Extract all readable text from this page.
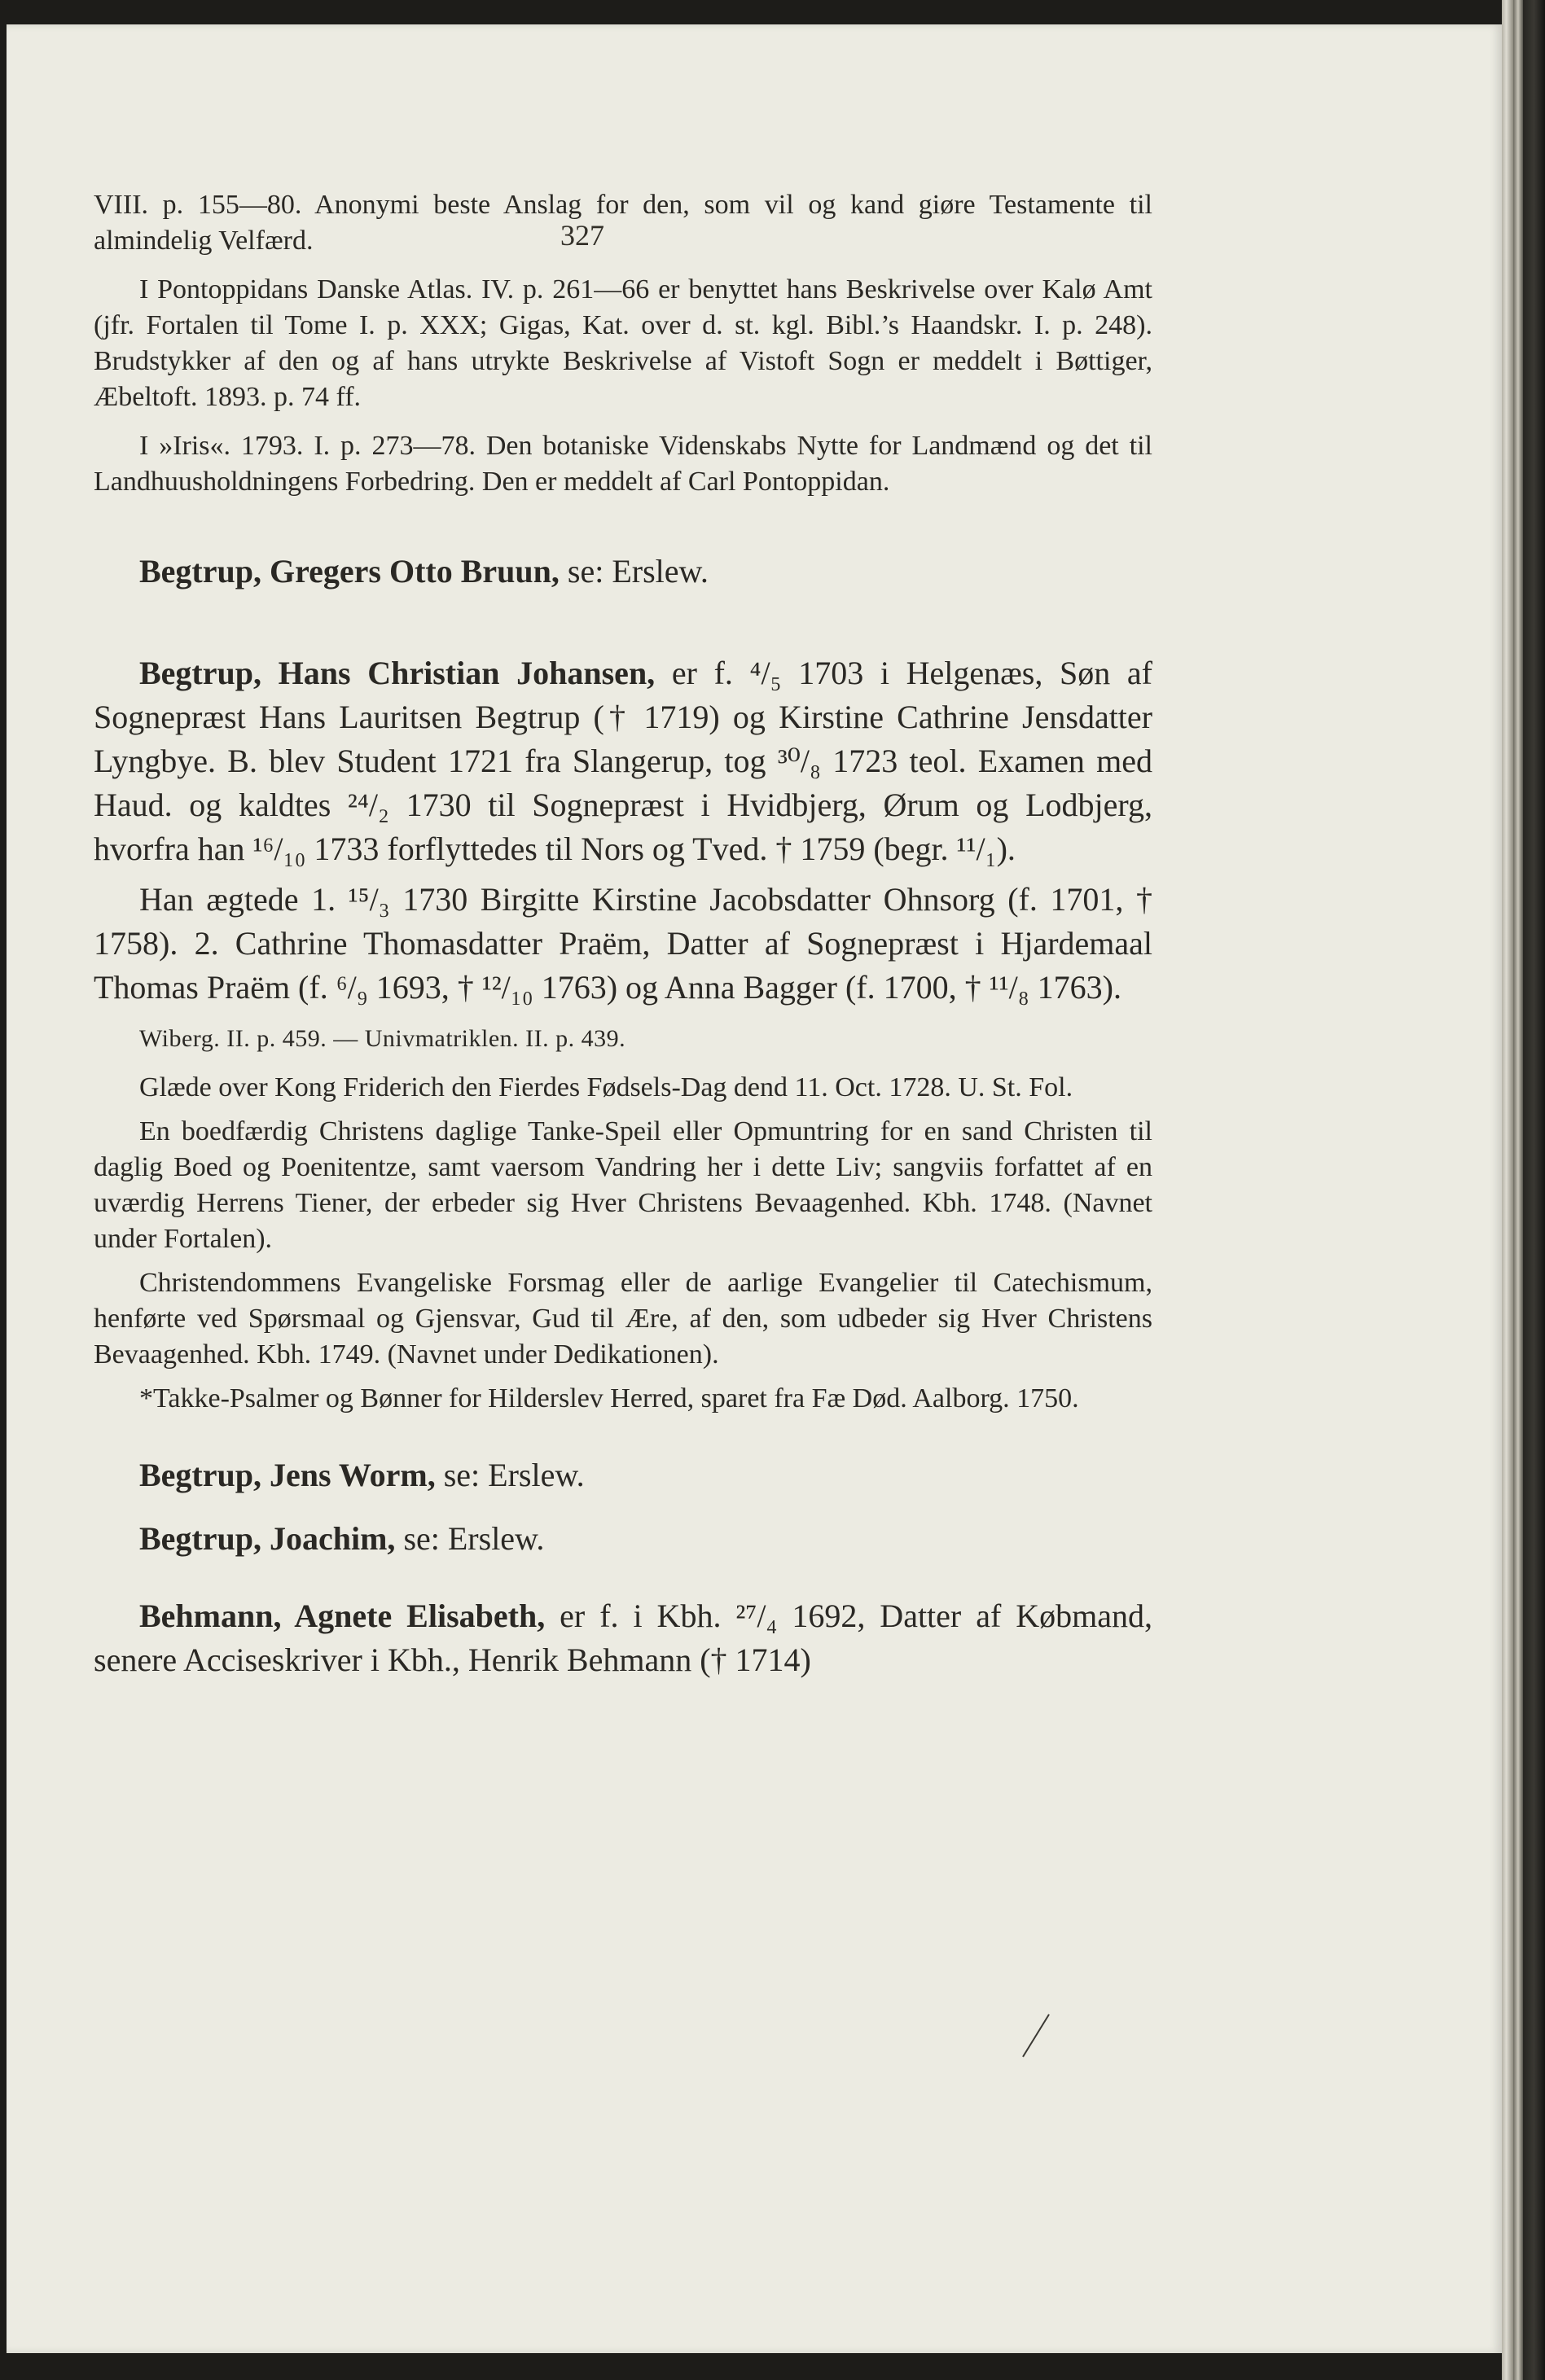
327

VIII. p. 155—80. Anonymi beste Anslag for den, som vil og kand giøre Testamente til almindelig Velfærd.

I Pontoppidans Danske Atlas. IV. p. 261—66 er benyttet hans Beskrivelse over Kalø Amt (jfr. Fortalen til Tome I. p. XXX; Gigas, Kat. over d. st. kgl. Bibl.’s Haandskr. I. p. 248). Brudstykker af den og af hans utrykte Beskrivelse af Vistoft Sogn er meddelt i Bøttiger, Æbeltoft. 1893. p. 74 ff.

I »Iris«. 1793. I. p. 273—78. Den botaniske Videnskabs Nytte for Landmænd og det til Landhuusholdningens Forbedring. Den er meddelt af Carl Pontoppidan.

Begtrup, Gregers Otto Bruun, se: Erslew.

Begtrup, Hans Christian Johansen, er f. ⁴/₅ 1703 i Helgenæs, Søn af Sognepræst Hans Lauritsen Begtrup († 1719) og Kirstine Cathrine Jensdatter Lyngbye. B. blev Student 1721 fra Slangerup, tog ³⁰/₈ 1723 teol. Examen med Haud. og kaldtes ²⁴/₂ 1730 til Sognepræst i Hvidbjerg, Ørum og Lodbjerg, hvorfra han ¹⁶/₁₀ 1733 forflyttedes til Nors og Tved. † 1759 (begr. ¹¹/₁).

Han ægtede 1. ¹⁵/₃ 1730 Birgitte Kirstine Jacobsdatter Ohnsorg (f. 1701, † 1758). 2. Cathrine Thomasdatter Praëm, Datter af Sognepræst i Hjardemaal Thomas Praëm (f. ⁶/₉ 1693, † ¹²/₁₀ 1763) og Anna Bagger (f. 1700, † ¹¹/₈ 1763).

Wiberg. II. p. 459. — Univmatriklen. II. p. 439.

Glæde over Kong Friderich den Fierdes Fødsels-Dag dend 11. Oct. 1728. U. St. Fol.

En boedfærdig Christens daglige Tanke-Speil eller Opmuntring for en sand Christen til daglig Boed og Poenitentze, samt vaersom Vandring her i dette Liv; sangviis forfattet af en uværdig Herrens Tiener, der erbeder sig Hver Christens Bevaagenhed. Kbh. 1748. (Navnet under Fortalen).

Christendommens Evangeliske Forsmag eller de aarlige Evangelier til Catechismum, henførte ved Spørsmaal og Gjensvar, Gud til Ære, af den, som udbeder sig Hver Christens Bevaagenhed. Kbh. 1749. (Navnet under Dedikationen).

*Takke-Psalmer og Bønner for Hilderslev Herred, sparet fra Fæ Død. Aalborg. 1750.

Begtrup, Jens Worm, se: Erslew.

Begtrup, Joachim, se: Erslew.

Behmann, Agnete Elisabeth, er f. i Kbh. ²⁷/₄ 1692, Datter af Købmand, senere Acciseskriver i Kbh., Henrik Behmann († 1714)
